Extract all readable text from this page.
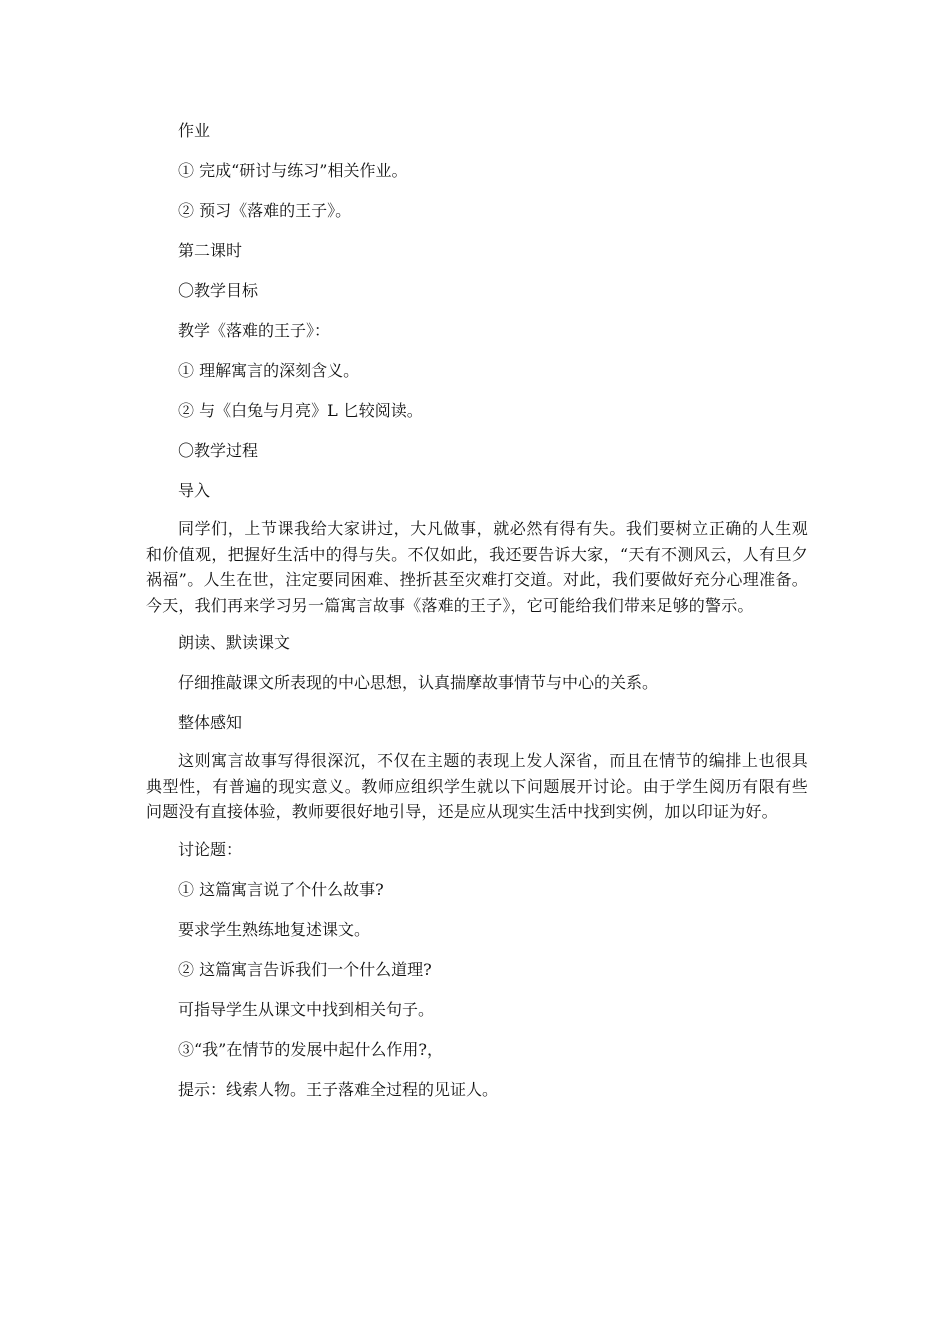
作业

① 完成“研讨与练习”相关作业。

② 预习《落难的王子》。

第二课时

〇教学目标

教学《落难的王子》：

① 理解寓言的深刻含义。

② 与《白兔与月亮》L 匕较阅读。

〇教学过程

导入

同学们，上节课我给大家讲过，大凡做事，就必然有得有失。我们要树立正确的人生观和价值观，把握好生活中的得与失。不仅如此，我还要告诉大家，“天有不测风云，人有旦夕祸福”。人生在世，注定要同困难、挫折甚至灾难打交道。对此，我们要做好充分心理准备。今天，我们再来学习另一篇寓言故事《落难的王子》，它可能给我们带来足够的警示。

朗读、默读课文

仔细推敲课文所表现的中心思想，认真揣摩故事情节与中心的关系。

整体感知

这则寓言故事写得很深沉，不仅在主题的表现上发人深省，而且在情节的编排上也很具典型性，有普遍的现实意义。教师应组织学生就以下问题展开讨论。由于学生阅历有限有些问题没有直接体验，教师要很好地引导，还是应从现实生活中找到实例，加以印证为好。

讨论题：

① 这篇寓言说了个什么故事?

要求学生熟练地复述课文。

② 这篇寓言告诉我们一个什么道理?

可指导学生从课文中找到相关句子。

③“我”在情节的发展中起什么作用?，

提示：线索人物。王子落难全过程的见证人。
